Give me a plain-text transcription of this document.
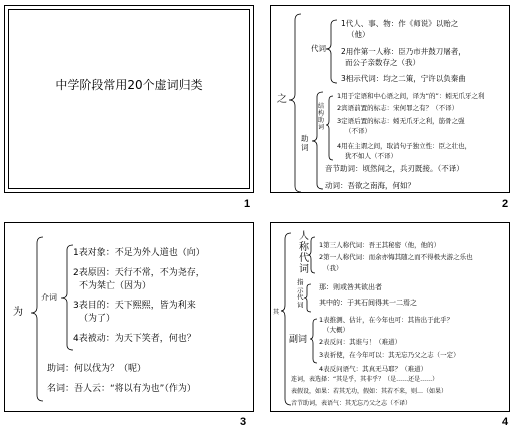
中学阶段常用20个虚词归类
1
之
代词
1代人、事、物：作《师说》以贻之
（他）
2用作第一人称：臣乃市井鼓刀屠者，
而公子亲数存之（我）
3相示代词：均之二策，宁许以负秦曲
助词
结构助词
1用于定语和中心语之间，译为“的”：蚓无爪牙之利
2宾语前置的标志：宋何罪之有？（不译）
3定语后置的标志：蚓无爪牙之利，筋骨之强
（不译）
4用在主谓之间，取消句子独立性：臣之壮也，
犹不如人（不译）
音节助词：顷然间之，兵刃既接。（不译）
动词：吾欲之南海，何如？
2
为
介词
1表对象：不足为外人道也（向）
2表原因：天行不常，不为尧存，
不为桀亡（因为）
3表目的：天下熙熙，皆为利来
（为了）
4表被动：为天下笑者，何也？
助词：何以伐为？（呢）
名词：吾人云：“将以有为也”（作为）
3
其
人称代词
1第三人称代词：吾王其秘密（他，他的）
2第一人称代词：而余亦悔其随之而不得极夫游之乐也
（我）
指示代词
那：则或咎其欲出者
其中的：于其石间得其一二焉之
副词
1表推测、估计，在今年也可：其皆出于此乎？
（大概）
2表反问：其谁与！（难道）
3表祈使，在今年可以：其无忘乃父之志（一定）
4表反问语气：其真无马耶？（难道）
连词，表选择：“其是乎，其非乎？（是……还是……）
表假设，如果：若其无功，假如：其若不来，则…（如果）
音节助词，表语气：其无忘乃父之志（不译）
4
